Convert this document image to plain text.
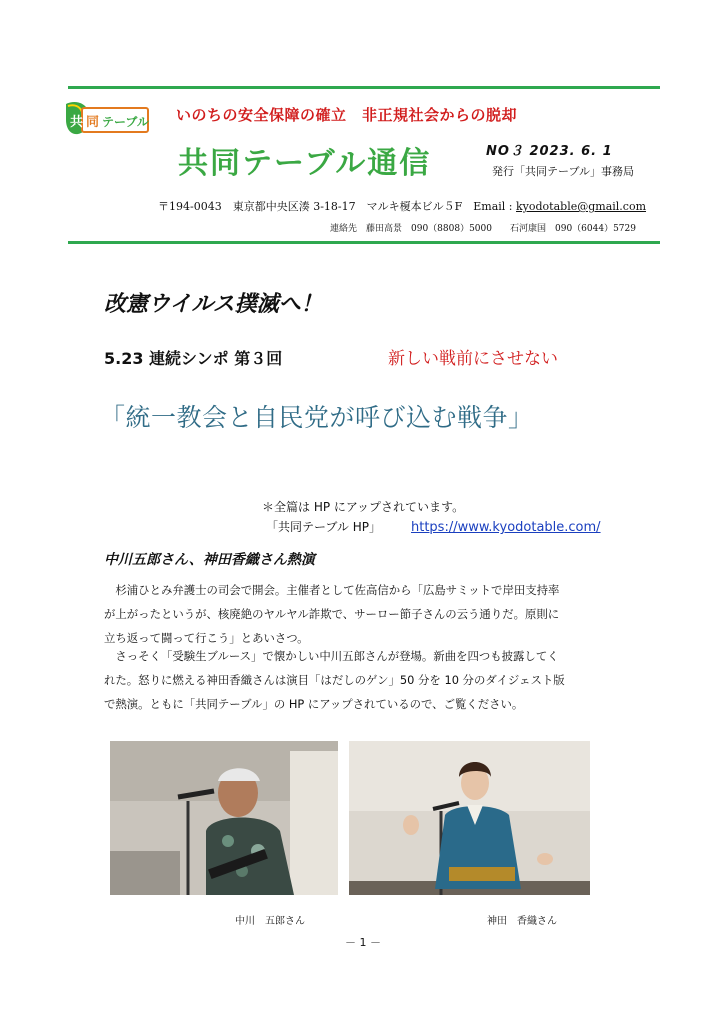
共 同 テーブル いのちの安全保障の確立　非正規社会からの脱却
共同テーブル通信	NO３ 2023. 6. 1
発行「共同テーブル」事務局
〒194-0043　東京都中央区湊 3-18-17　マルキ榎本ビル５F　Email : kyodotable@gmail.com
連絡先　藤田高景　090（8808）5000　　石河康国　090（6044）5729
改憲ウイルス撲滅へ！
5.23 連続シンポ 第３回	新しい戦前にさせない
「統一教会と自民党が呼び込む戦争」
＊全篇は HP にアップされています。
「共同テーブル HP」 https://www.kyodotable.com/
中川五郎さん、神田香織さん熱演
　杉浦ひとみ弁護士の司会で開会。主催者として佐高信から「広島サミットで岸田支持率
が上がったというが、核廃絶のヤルヤル詐欺で、サーロー節子さんの云う通りだ。原則に
立ち返って闘って行こう」とあいさつ。
　さっそく「受験生ブルース」で懐かしい中川五郎さんが登場。新曲を四つも披露してく
れた。怒りに燃える神田香織さんは演目「はだしのゲン」50 分を 10 分のダイジェスト版
で熱演。ともに「共同テーブル」の HP にアップされているので、ご覧ください。
中川　五郎さん	神田　香織さん
－ 1 －
